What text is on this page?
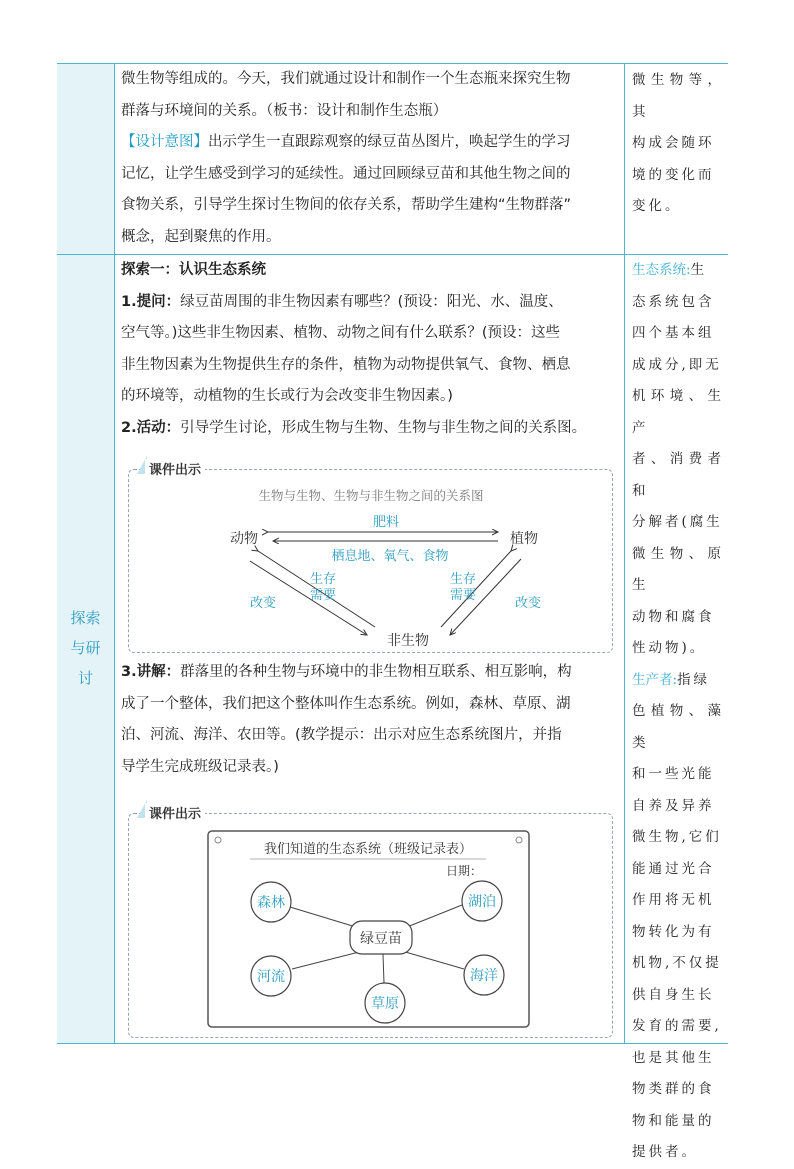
微生物等组成的。今天，我们就通过设计和制作一个生态瓶来探究生物

群落与环境间的关系。（板书：设计和制作生态瓶）

【设计意图】出示学生一直跟踪观察的绿豆苗丛图片，唤起学生的学习

记忆，让学生感受到学习的延续性。通过回顾绿豆苗和其他生物之间的

食物关系，引导学生探讨生物间的依存关系，帮助学生建构“生物群落”

概念，起到聚焦的作用。

微生物等，其

构成会随环

境的变化而

变化。

探索
与研
讨

探索一：认识生态系统

1.提问：绿豆苗周围的非生物因素有哪些？(预设：阳光、水、温度、

空气等。)这些非生物因素、植物、动物之间有什么联系？(预设：这些

非生物因素为生物提供生存的条件，植物为动物提供氧气、食物、栖息

的环境等，动植物的生长或行为会改变非生物因素。)

2.活动：引导学生讨论，形成生物与生物、生物与非生物之间的关系图。

课件出示
生物与生物、生物与非生物之间的关系图
动物	植物
非生物
肥料
栖息地、氧气、食物
生存
需要
生存
需要
改变	改变

3.讲解：群落里的各种生物与环境中的非生物相互联系、相互影响，构

成了一个整体，我们把这个整体叫作生态系统。例如，森林、草原、湖

泊、河流、海洋、农田等。(教学提示：出示对应生态系统图片，并指

导学生完成班级记录表。)

课件出示
我们知道的生态系统（班级记录表）
日期：
绿豆苗
森林	湖泊
河流	海洋
草原

生态系统:生

态系统包含

四个基本组

成成分,即无

机环境、生产

者、消费者和

分解者(腐生

微生物、原生

动物和腐食

性动物)。

生产者:指绿

色植物、藻类

和一些光能

自养及异养

微生物,它们

能通过光合

作用将无机

物转化为有

机物,不仅提

供自身生长

发育的需要,

也是其他生

物类群的食

物和能量的

提供者。
